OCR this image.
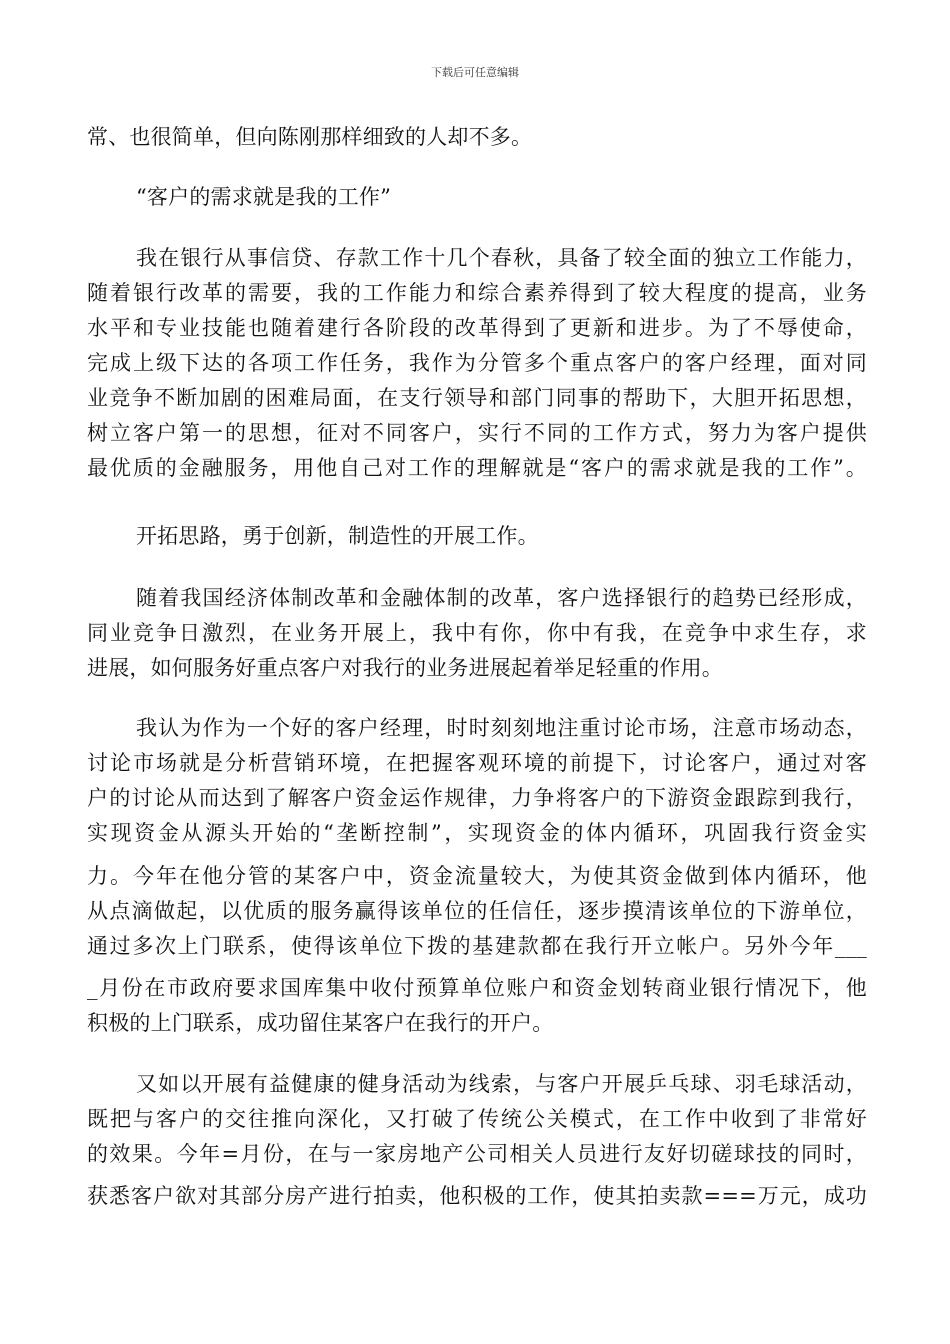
下载后可任意编辑
常、也很简单，但向陈刚那样细致的人却不多。
“客户的需求就是我的工作”
我在银行从事信贷、存款工作十几个春秋，具备了较全面的独立工作能力，
随着银行改革的需要，我的工作能力和综合素养得到了较大程度的提高，业务
水平和专业技能也随着建行各阶段的改革得到了更新和进步。为了不辱使命，
完成上级下达的各项工作任务，我作为分管多个重点客户的客户经理，面对同
业竞争不断加剧的困难局面，在支行领导和部门同事的帮助下，大胆开拓思想，
树立客户第一的思想，征对不同客户，实行不同的工作方式，努力为客户提供
最优质的金融服务，用他自己对工作的理解就是“客户的需求就是我的工作”。
开拓思路，勇于创新，制造性的开展工作。
随着我国经济体制改革和金融体制的改革，客户选择银行的趋势已经形成，
同业竞争日激烈，在业务开展上，我中有你，你中有我，在竞争中求生存，求
进展，如何服务好重点客户对我行的业务进展起着举足轻重的作用。
我认为作为一个好的客户经理，时时刻刻地注重讨论市场，注意市场动态，
讨论市场就是分析营销环境，在把握客观环境的前提下，讨论客户，通过对客
户的讨论从而达到了解客户资金运作规律，力争将客户的下游资金跟踪到我行，
实现资金从源头开始的“垄断控制”，实现资金的体内循环，巩固我行资金实
力。今年在他分管的某客户中，资金流量较大，为使其资金做到体内循环，他
从点滴做起，以优质的服务赢得该单位的任信任，逐步摸清该单位的下游单位，
通过多次上门联系，使得该单位下拨的基建款都在我行开立帐户。另外今年___
_月份在市政府要求国库集中收付预算单位账户和资金划转商业银行情况下，他
积极的上门联系，成功留住某客户在我行的开户。
又如以开展有益健康的健身活动为线索，与客户开展乒乓球、羽毛球活动，
既把与客户的交往推向深化，又打破了传统公关模式，在工作中收到了非常好
的效果。今年=月份，在与一家房地产公司相关人员进行友好切磋球技的同时，
获悉客户欲对其部分房产进行拍卖，他积极的工作，使其拍卖款===万元，成功
